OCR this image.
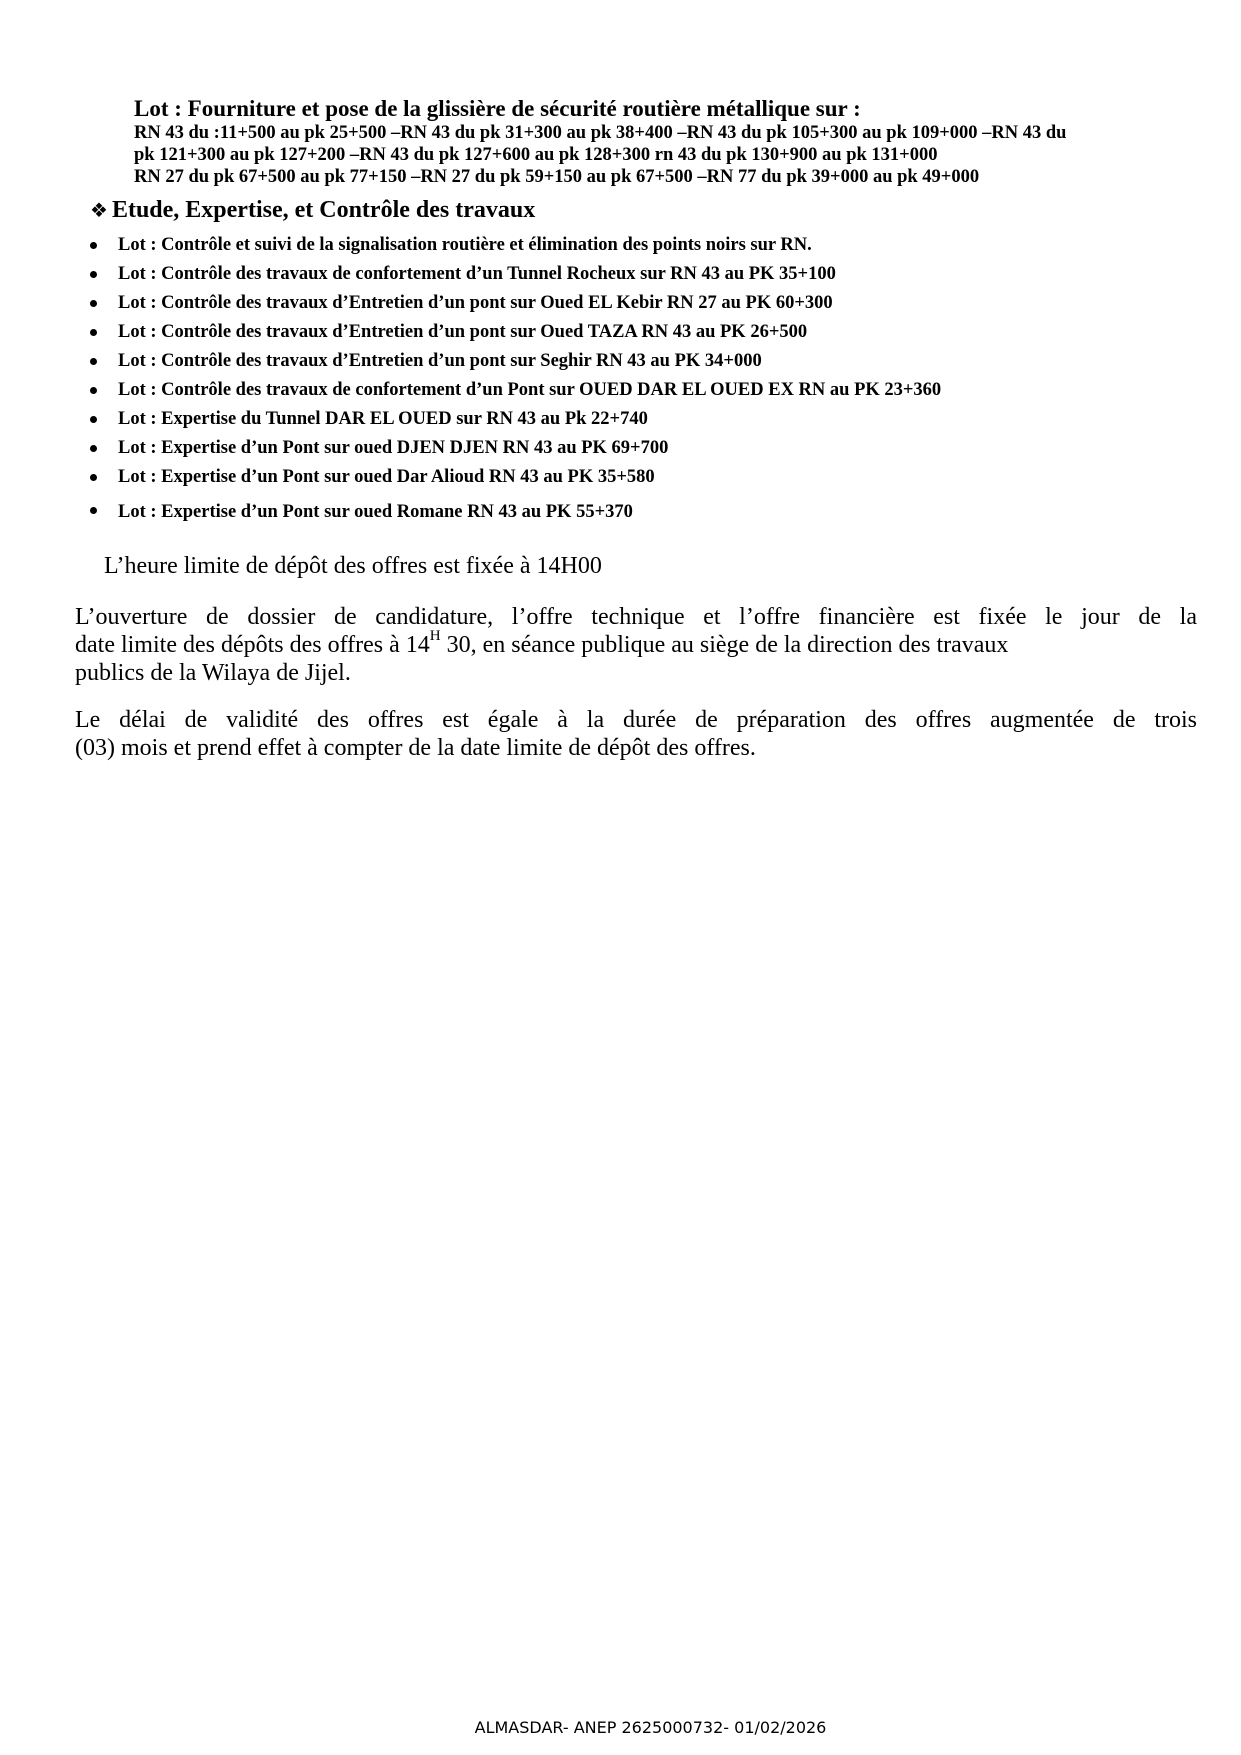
Lot : Fourniture et pose de la glissière de sécurité routière métallique sur :

RN 43 du :11+500 au pk 25+500 –RN 43 du pk 31+300 au pk 38+400 –RN 43 du pk 105+300 au pk 109+000 –RN 43 du

pk 121+300 au pk 127+200 –RN 43 du pk 127+600 au pk 128+300 rn 43 du pk 130+900 au pk 131+000

RN 27 du pk 67+500 au pk 77+150 –RN 27 du pk 59+150 au pk 67+500 –RN 77 du pk 39+000 au pk 49+000

❖ Etude, Expertise, et Contrôle des travaux

Lot : Contrôle et suivi de la signalisation routière et élimination des points noirs sur RN.
Lot : Contrôle des travaux de confortement d’un Tunnel Rocheux sur RN 43 au PK 35+100
Lot : Contrôle des travaux d’Entretien d’un pont sur Oued EL Kebir RN 27 au PK 60+300
Lot : Contrôle des travaux d’Entretien d’un pont sur Oued TAZA RN 43 au PK 26+500
Lot : Contrôle des travaux d’Entretien d’un pont sur Seghir RN 43 au PK 34+000
Lot : Contrôle des travaux de confortement d’un Pont sur OUED DAR EL OUED EX RN au PK 23+360
Lot : Expertise du Tunnel DAR EL OUED sur RN 43 au Pk 22+740
Lot : Expertise d’un Pont sur oued DJEN DJEN RN 43 au PK 69+700
Lot : Expertise d’un Pont sur oued Dar Alioud RN 43 au PK 35+580
Lot : Expertise d’un Pont sur oued Romane RN 43 au PK 55+370

L’heure limite de dépôt des offres est fixée à 14H00

L’ouverture de dossier de candidature, l’offre technique et l’offre financière est fixée le jour de la
date limite des dépôts des offres à $14^H$ 30, en séance publique au siège de la direction des travaux
publics de la Wilaya de Jijel.

Le délai de validité des offres est égale à la durée de préparation des offres augmentée de trois
(03) mois et prend effet à compter de la date limite de dépôt des offres.

ALMASDAR- ANEP 2625000732- 01/02/2026
